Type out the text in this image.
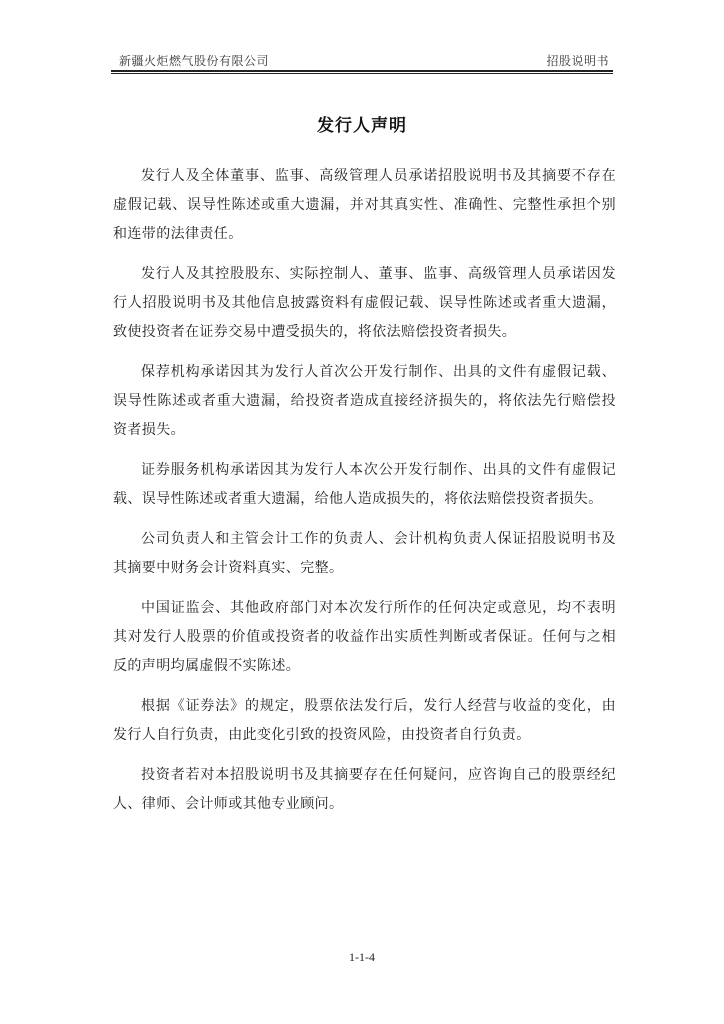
新疆火炬燃气股份有限公司	招股说明书
发行人声明

发行人及全体董事、监事、高级管理人员承诺招股说明书及其摘要不存在虚假记载、误导性陈述或重大遗漏，并对其真实性、准确性、完整性承担个别和连带的法律责任。

发行人及其控股股东、实际控制人、董事、监事、高级管理人员承诺因发行人招股说明书及其他信息披露资料有虚假记载、误导性陈述或者重大遗漏，致使投资者在证券交易中遭受损失的，将依法赔偿投资者损失。

保荐机构承诺因其为发行人首次公开发行制作、出具的文件有虚假记载、误导性陈述或者重大遗漏，给投资者造成直接经济损失的，将依法先行赔偿投资者损失。

证券服务机构承诺因其为发行人本次公开发行制作、出具的文件有虚假记载、误导性陈述或者重大遗漏，给他人造成损失的，将依法赔偿投资者损失。

公司负责人和主管会计工作的负责人、会计机构负责人保证招股说明书及其摘要中财务会计资料真实、完整。

中国证监会、其他政府部门对本次发行所作的任何决定或意见，均不表明其对发行人股票的价值或投资者的收益作出实质性判断或者保证。任何与之相反的声明均属虚假不实陈述。

根据《证券法》的规定，股票依法发行后，发行人经营与收益的变化，由发行人自行负责，由此变化引致的投资风险，由投资者自行负责。

投资者若对本招股说明书及其摘要存在任何疑问，应咨询自己的股票经纪人、律师、会计师或其他专业顾问。

1-1-4
